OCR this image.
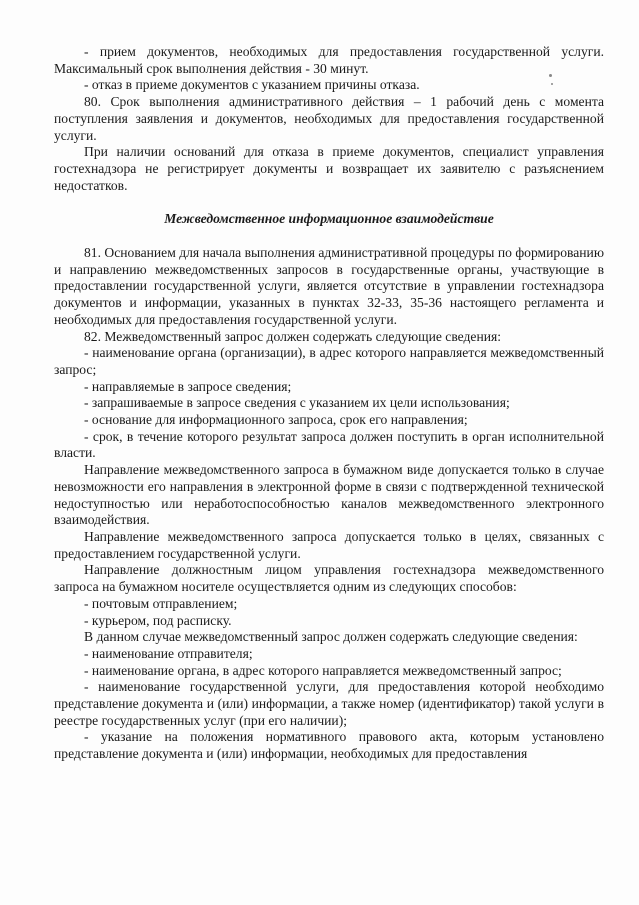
- прием документов, необходимых для предоставления государственной услуги. Максимальный срок выполнения действия - 30 минут.

- отказ в приеме документов с указанием причины отказа.

80. Срок выполнения административного действия – 1 рабочий день с момента поступления заявления и документов, необходимых для предоставления государственной услуги.

При наличии оснований для отказа в приеме документов, специалист управления гостехнадзора не регистрирует документы и возвращает их заявителю с разъяснением недостатков.

Межведомственное информационное взаимодействие

81. Основанием для начала выполнения административной процедуры по формированию и направлению межведомственных запросов в государственные органы, участвующие в предоставлении государственной услуги, является отсутствие в управлении гостехнадзора документов и информации, указанных в пунктах 32-33, 35-36 настоящего регламента и необходимых для предоставления государственной услуги.

82. Межведомственный запрос должен содержать следующие сведения:

- наименование органа (организации), в адрес которого направляется межведомственный запрос;

- направляемые в запросе сведения;

- запрашиваемые в запросе сведения с указанием их цели использования;

- основание для информационного запроса, срок его направления;

- срок, в течение которого результат запроса должен поступить в орган исполнительной власти.

Направление межведомственного запроса в бумажном виде допускается только в случае невозможности его направления в электронной форме в связи с подтвержденной технической недоступностью или неработоспособностью каналов межведомственного электронного взаимодействия.

Направление межведомственного запроса допускается только в целях, связанных с предоставлением государственной услуги.

Направление должностным лицом управления гостехнадзора межведомственного запроса на бумажном носителе осуществляется одним из следующих способов:

- почтовым отправлением;

- курьером, под расписку.

В данном случае межведомственный запрос должен содержать следующие сведения:

- наименование отправителя;

- наименование органа, в адрес которого направляется межведомственный запрос;

- наименование государственной услуги, для предоставления которой необходимо представление документа и (или) информации, а также номер (идентификатор) такой услуги в реестре государственных услуг (при его наличии);

- указание на положения нормативного правового акта, которым установлено представление документа и (или) информации, необходимых для предоставления
